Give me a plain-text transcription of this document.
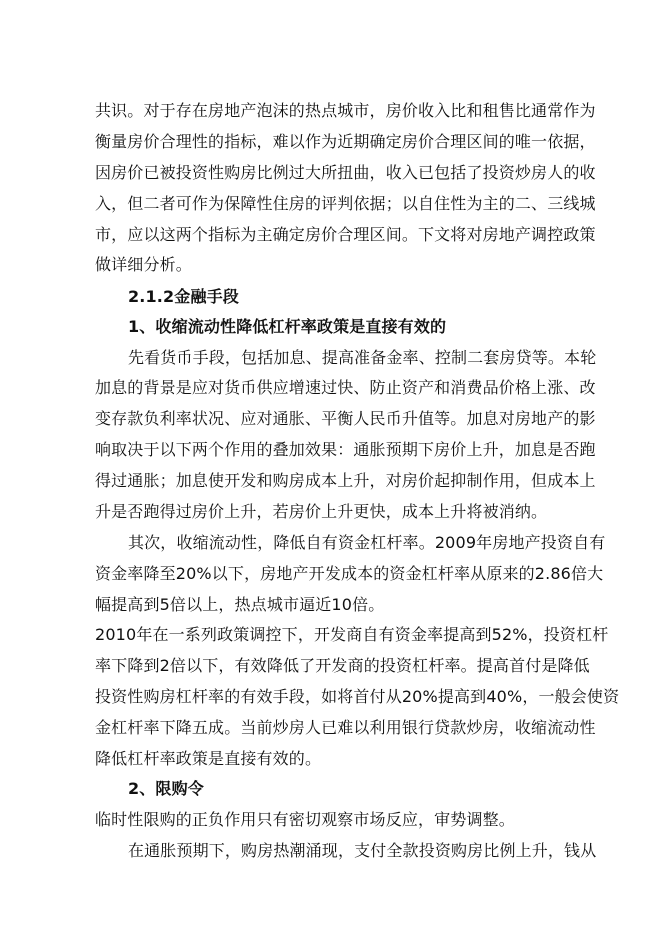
共识。对于存在房地产泡沫的热点城市，房价收入比和租售比通常作为
衡量房价合理性的指标，难以作为近期确定房价合理区间的唯一依据，
因房价已被投资性购房比例过大所扭曲，收入已包括了投资炒房人的收
入，但二者可作为保障性住房的评判依据；以自住性为主的二、三线城
市，应以这两个指标为主确定房价合理区间。下文将对房地产调控政策
做详细分析。
2.1.2金融手段
1、收缩流动性降低杠杆率政策是直接有效的
先看货币手段，包括加息、提高准备金率、控制二套房贷等。本轮
加息的背景是应对货币供应增速过快、防止资产和消费品价格上涨、改
变存款负利率状况、应对通胀、平衡人民币升值等。加息对房地产的影
响取决于以下两个作用的叠加效果：通胀预期下房价上升，加息是否跑
得过通胀；加息使开发和购房成本上升，对房价起抑制作用，但成本上
升是否跑得过房价上升，若房价上升更快，成本上升将被消纳。
其次，收缩流动性，降低自有资金杠杆率。2009年房地产投资自有
资金率降至20%以下，房地产开发成本的资金杠杆率从原来的2.86倍大
幅提高到5倍以上，热点城市逼近10倍。
2010年在一系列政策调控下，开发商自有资金率提高到52%，投资杠杆
率下降到2倍以下，有效降低了开发商的投资杠杆率。提高首付是降低
投资性购房杠杆率的有效手段，如将首付从20%提高到40%，一般会使资
金杠杆率下降五成。当前炒房人已难以利用银行贷款炒房，收缩流动性
降低杠杆率政策是直接有效的。
2、限购令
临时性限购的正负作用只有密切观察市场反应，审势调整。
在通胀预期下，购房热潮涌现，支付全款投资购房比例上升，钱从
